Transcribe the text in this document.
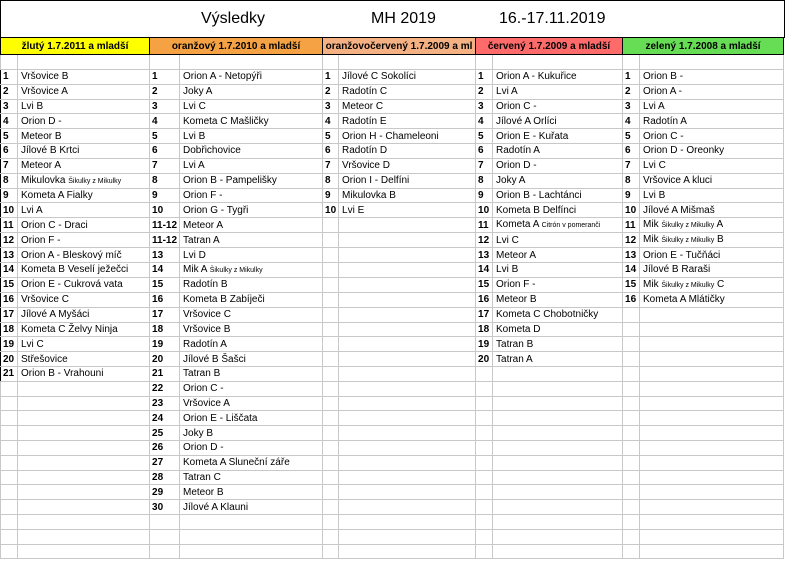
Výsledky	MH 2019	16.-17.11.2019
žlutý 1.7.2011 a mladší		oranžový 1.7.2010 a mladší		oranžovočervený 1.7.2009 a ml		červený 1.7.2009 a mladší		zelený 1.7.2008 a mladší	

1	Vršovice B	1	Orion A - Netopýři	1	Jílové C Sokolíci	1	Orion A - Kukuřice	1	Orion B -
2	Vršovice A	2	Joky A	2	Radotín C	2	Lvi A	2	Orion A -
3	Lvi B	3	Lvi C	3	Meteor C	3	Orion C -	3	Lvi A
4	Orion D -	4	Kometa C Mašličky	4	Radotín E	4	Jílové A Orlíci	4	Radotín A
5	Meteor B	5	Lvi B	5	Orion H - Chameleoni	5	Orion E - Kuřata	5	Orion C -
6	Jílové B Krtci	6	Dobřichovice	6	Radotín D	6	Radotín A	6	Orion D - Oreonky
7	Meteor A	7	Lvi A	7	Vršovice D	7	Orion D -	7	Lvi C
8	Mikulovka Šikulky z Mikulky	8	Orion B - Pampelišky	8	Orion I - Delfíni	8	Joky A	8	Vršovice A kluci
9	Kometa A Fialky	9	Orion F -	9	Mikulovka B	9	Orion B - Lachtánci	9	Lvi B
10	Lvi A	10	Orion G - Tygři	10	Lvi E	10	Kometa B Delfínci	10	Jílové A Mišmaš
11	Orion C - Draci	11-12	Meteor A			11	Kometa A Citrón v pomeranči	11	Mik Šikulky z Mikulky A
12	Orion F -	11-12	Tatran A			12	Lvi C	12	Mik Šikulky z Mikulky B
13	Orion A - Bleskový míč	13	Lvi D			13	Meteor A	13	Orion E - Tučňáci
14	Kometa B Veselí ježečci	14	Mik A Šikulky z Mikulky			14	Lvi B	14	Jílové B Raraši
15	Orion E - Cukrová vata	15	Radotín B			15	Orion F -	15	Mik Šikulky z Mikulky C
16	Vršovice C	16	Kometa B Zabíječi			16	Meteor B	16	Kometa A Mlátičky
17	Jílové A Myšáci	17	Vršovice C			17	Kometa C Chobotničky		
18	Kometa C Želvy Ninja	18	Vršovice B			18	Kometa D		
19	Lvi C	19	Radotín A			19	Tatran B		
20	Střešovice	20	Jílové B Šašci			20	Tatran A		
21	Orion B - Vrahouni	21	Tatran B						
		22	Orion C -						
		23	Vršovice A						
		24	Orion E - Liščata						
		25	Joky B						
		26	Orion D -						
		27	Kometa A Sluneční záře						
		28	Tatran C						
		29	Meteor B						
		30	Jílové A Klauni						
